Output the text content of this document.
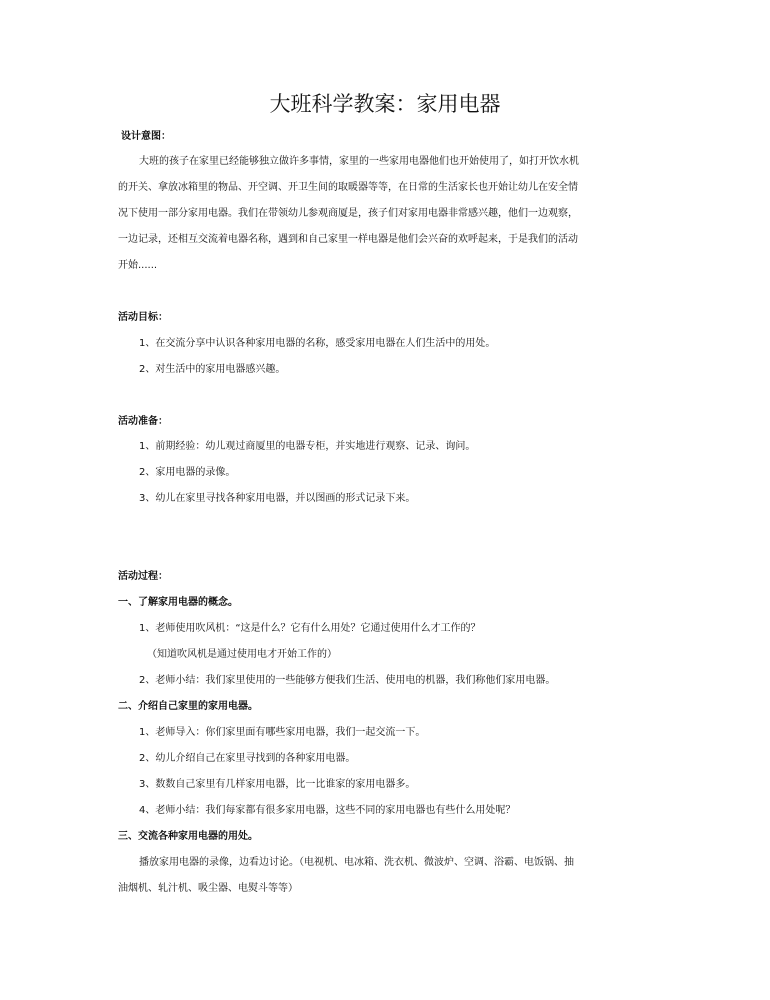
大班科学教案：家用电器

设计意图：

大班的孩子在家里已经能够独立做许多事情，家里的一些家用电器他们也开始使用了，如打开饮水机

的开关、拿放冰箱里的物品、开空调、开卫生间的取暖器等等，在日常的生活家长也开始让幼儿在安全情

况下使用一部分家用电器。我们在带领幼儿参观商厦是，孩子们对家用电器非常感兴趣，他们一边观察，

一边记录，还相互交流着电器名称，遇到和自己家里一样电器是他们会兴奋的欢呼起来，于是我们的活动

开始......

活动目标：

1、在交流分享中认识各种家用电器的名称，感受家用电器在人们生活中的用处。

2、对生活中的家用电器感兴趣。

活动准备：

1、前期经验：幼儿观过商厦里的电器专柜，并实地进行观察、记录、询问。

2、家用电器的录像。

3、幼儿在家里寻找各种家用电器，并以图画的形式记录下来。

活动过程：

一、了解家用电器的概念。

1、老师使用吹风机：“这是什么？它有什么用处？它通过使用什么才工作的？

（知道吹风机是通过使用电才开始工作的）

2、老师小结：我们家里使用的一些能够方便我们生活、使用电的机器，我们称他们家用电器。

二、介绍自己家里的家用电器。

1、老师导入：你们家里面有哪些家用电器，我们一起交流一下。

2、幼儿介绍自己在家里寻找到的各种家用电器。

3、数数自己家里有几样家用电器，比一比谁家的家用电器多。

4、老师小结：我们每家都有很多家用电器，这些不同的家用电器也有些什么用处呢？

三、交流各种家用电器的用处。

播放家用电器的录像，边看边讨论。（电视机、电冰箱、洗衣机、微波炉、空调、浴霸、电饭锅、抽

油烟机、轧汁机、吸尘器、电熨斗等等）
